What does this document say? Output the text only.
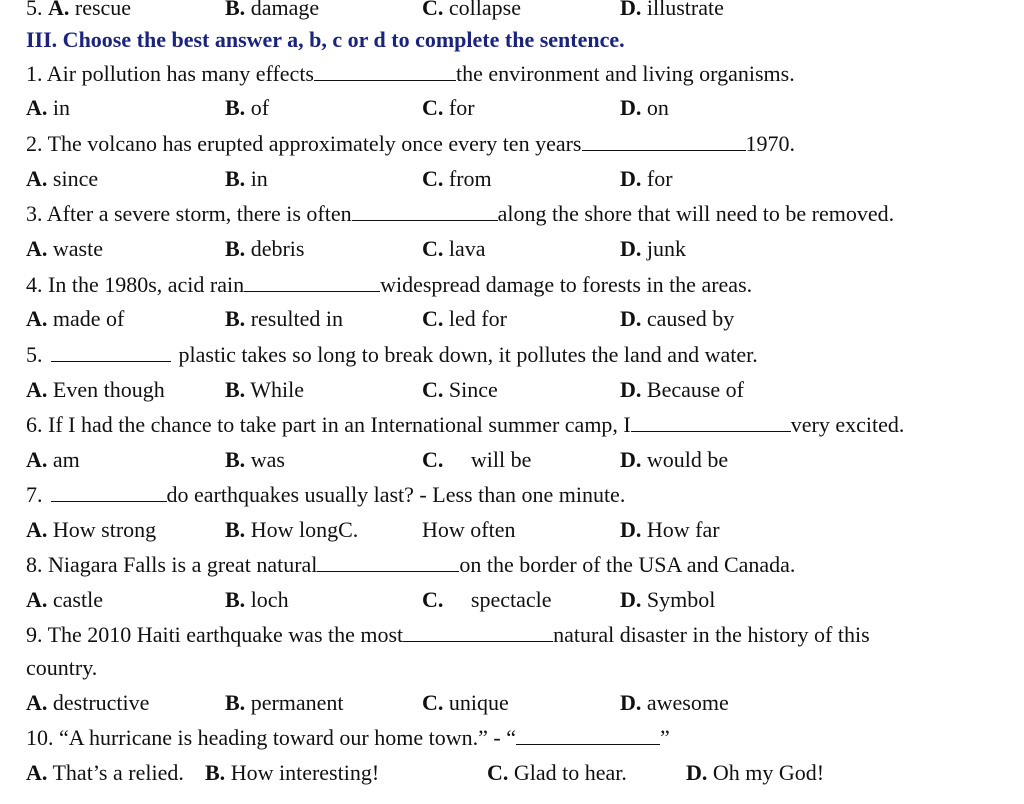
5. A. rescue	B. damage	C. collapse	D. illustrate
III. Choose the best answer a, b, c or d to complete the sentence.
1. Air pollution has many effects	the environment and living organisms.
A. in	B. of	C. for	D. on
2. The volcano has erupted approximately once every ten years	1970.
A. since	B. in	C. from	D. for
3. After a severe storm, there is often	along the shore that will need to be removed.
A. waste	B. debris	C. lava	D. junk
4. In the 1980s, acid rain	widespread damage to forests in the areas.
A. made of	B. resulted in	C. led for	D. caused by
5.	plastic takes so long to break down, it pollutes the land and water.
A. Even though	B. While	C. Since	D. Because of
6. If I had the chance to take part in an International summer camp, I	very excited.
A. am	B. was	C.     will be	D. would be
7.	do earthquakes usually last? - Less than one minute.
A. How strong	B. How longC.	How often	D. How far
8. Niagara Falls is a great natural	on the border of the USA and Canada.
A. castle	B. loch	C.     spectacle	D. Symbol
9. The 2010 Haiti earthquake was the most	natural disaster in the history of this
country.
A. destructive	B. permanent	C. unique	D. awesome
10. “A hurricane is heading toward our home town.” - “	”
A. That’s a relied. B. How interesting!	C. Glad to hear.	D. Oh my God!
